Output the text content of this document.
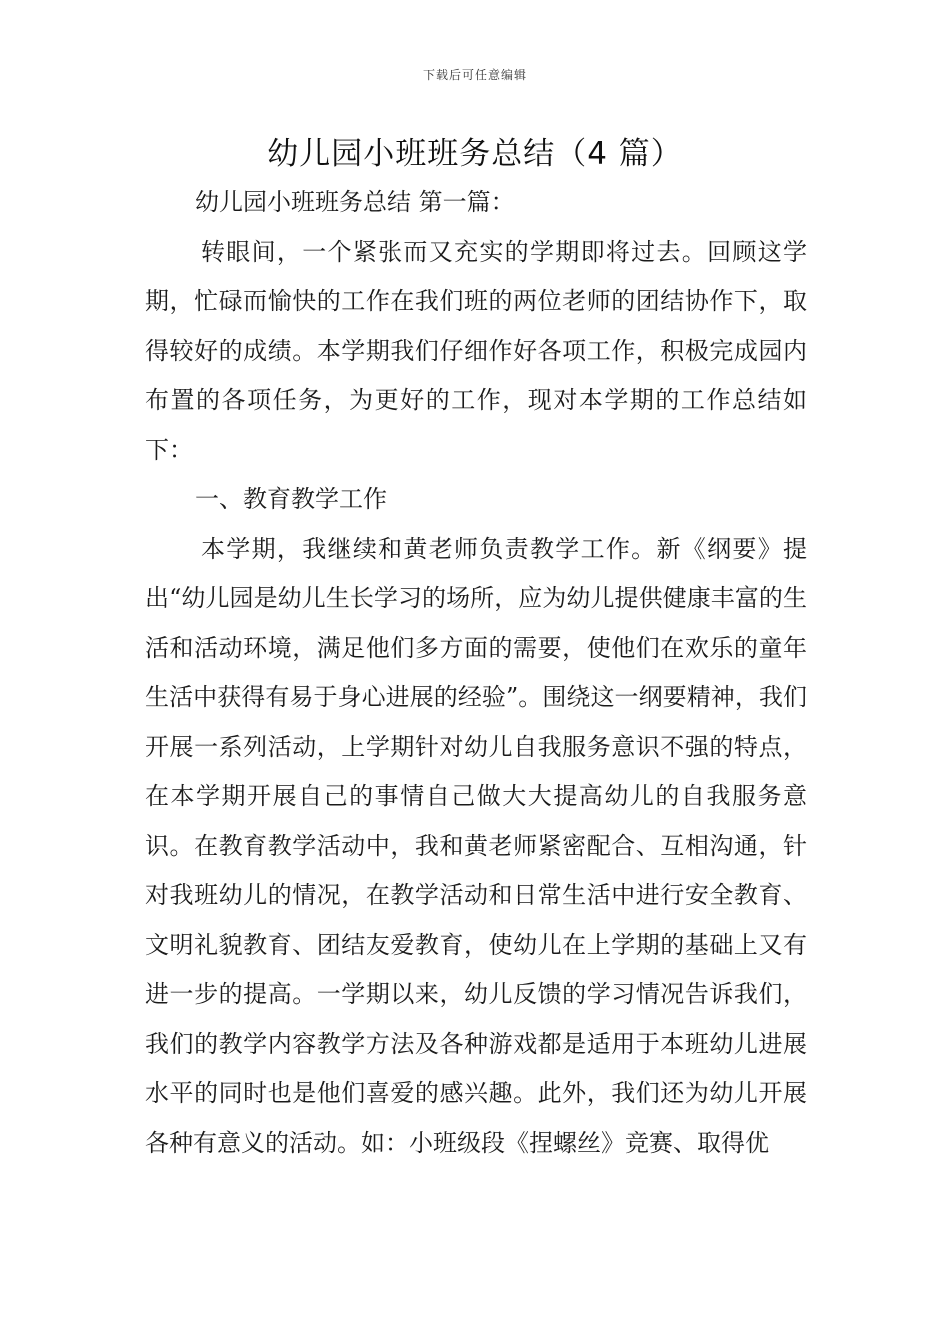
下载后可任意编辑
幼儿园小班班务总结（4 篇）

幼儿园小班班务总结 第一篇：

转眼间，一个紧张而又充实的学期即将过去。回顾这学期，忙碌而愉快的工作在我们班的两位老师的团结协作下，取得较好的成绩。本学期我们仔细作好各项工作，积极完成园内布置的各项任务，为更好的工作，现对本学期的工作总结如下：

一、教育教学工作

本学期，我继续和黄老师负责教学工作。新《纲要》提出“幼儿园是幼儿生长学习的场所，应为幼儿提供健康丰富的生活和活动环境，满足他们多方面的需要，使他们在欢乐的童年生活中获得有易于身心进展的经验”。围绕这一纲要精神，我们开展一系列活动，上学期针对幼儿自我服务意识不强的特点，在本学期开展自己的事情自己做大大提高幼儿的自我服务意识。在教育教学活动中，我和黄老师紧密配合、互相沟通，针对我班幼儿的情况，在教学活动和日常生活中进行安全教育、文明礼貌教育、团结友爱教育，使幼儿在上学期的基础上又有进一步的提高。一学期以来，幼儿反馈的学习情况告诉我们，我们的教学内容教学方法及各种游戏都是适用于本班幼儿进展水平的同时也是他们喜爱的感兴趣。此外，我们还为幼儿开展各种有意义的活动。如：小班级段《捏螺丝》竞赛、取得优
